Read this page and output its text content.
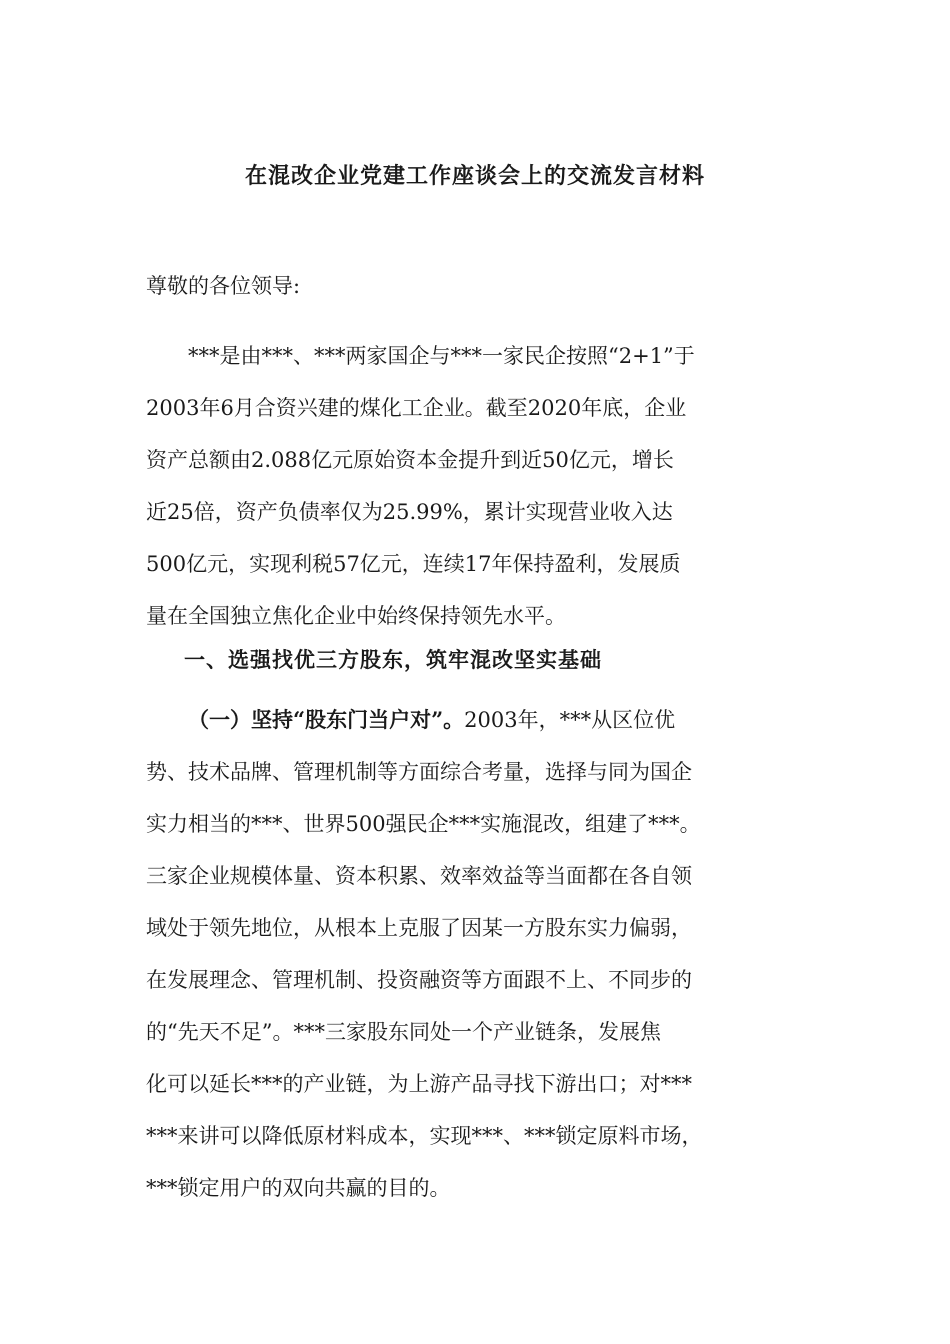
在混改企业党建工作座谈会上的交流发言材料
尊敬的各位领导:
***是由***、***两家国企与***一家民企按照“2+1”于
2003年6月合资兴建的煤化工企业。截至2020年底，企业
资产总额由2.088亿元原始资本金提升到近50亿元，增长
近25倍，资产负债率仅为25.99%，累计实现营业收入达
500亿元，实现利税57亿元，连续17年保持盈利，发展质
量在全国独立焦化企业中始终保持领先水平。
一、选强找优三方股东，筑牢混改坚实基础
（一）坚持“股东门当户对”。2003年，***从区位优
势、技术品牌、管理机制等方面综合考量，选择与同为国企
实力相当的***、世界500强民企***实施混改，组建了***。
三家企业规模体量、资本积累、效率效益等当面都在各自领
域处于领先地位，从根本上克服了因某一方股东实力偏弱，
在发展理念、管理机制、投资融资等方面跟不上、不同步的
的“先天不足”。***三家股东同处一个产业链条，发展焦
化可以延长***的产业链，为上游产品寻找下游出口；对***
***来讲可以降低原材料成本，实现***、***锁定原料市场，
***锁定用户的双向共赢的目的。
